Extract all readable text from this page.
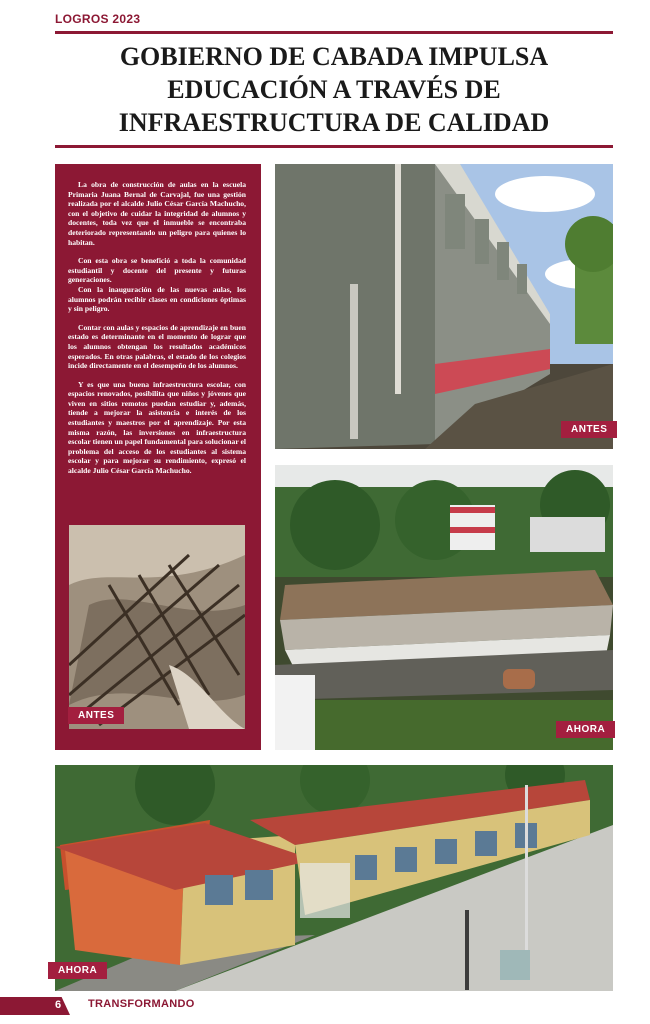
LOGROS 2023
GOBIERNO DE CABADA IMPULSA EDUCACIÓN A TRAVÉS DE INFRAESTRUCTURA DE CALIDAD

La obra de construcción de aulas en la escuela Primaria Juana Bernal de Carvajal, fue una gestión realizada por el alcalde Julio César García Machucho, con el objetivo de cuidar la integridad de alumnos y docentes, toda vez que el inmueble se encontraba deteriorado representando un peligro para quienes lo habitan.

Con esta obra se benefició a toda la comunidad estudiantil y docente del presente y futuras generaciones.

Con la inauguración de las nuevas aulas, los alumnos podrán recibir clases en condiciones óptimas y sin peligro.

Contar con aulas y espacios de aprendizaje en buen estado es determinante en el momento de lograr que los alumnos obtengan los resultados académicos esperados. En otras palabras, el estado de los colegios incide directamente en el desempeño de los alumnos.

Y es que una buena infraestructura escolar, con espacios renovados, posibilita que niños y jóvenes que viven en sitios remotos puedan estudiar y, además, tiende a mejorar la asistencia e interés de los estudiantes y maestros por el aprendizaje. Por esta misma razón, las inversiones en infraestructura escolar tienen un papel fundamental para solucionar el problema del acceso de los estudiantes al sistema escolar y para mejorar su rendimiento, expresó el alcalde Julio César García Machucho.

ANTES
ANTES
AHORA
AHORA
6 TRANSFORMANDO
